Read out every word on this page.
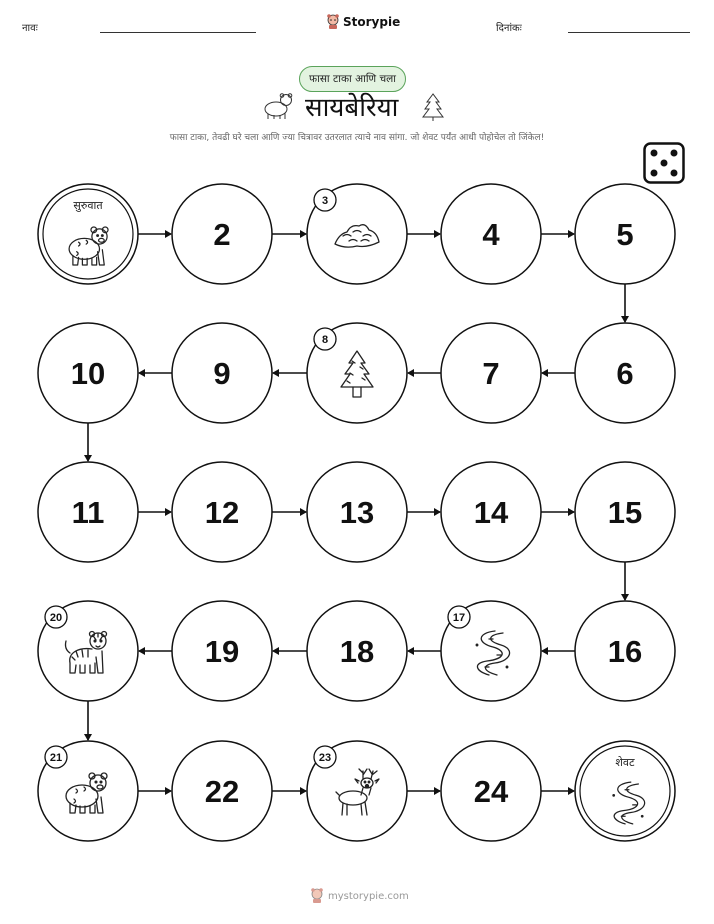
नावः	Storypie	दिनांकः
फासा टाका आणि चला
सायबेरिया
फासा टाका, तेवढी घरे चला आणि ज्या चित्रावर उतरलात त्याचे नाव सांगा. जो शेवट पर्यंत आधी पोहोचेल तो जिंकेल!
सुरुवात
2
3
4	5
6
7
8
9
10
11	12	13	14	15
16
17
18
19
20
21
22
23
24
शेवट
mystorypie.com
